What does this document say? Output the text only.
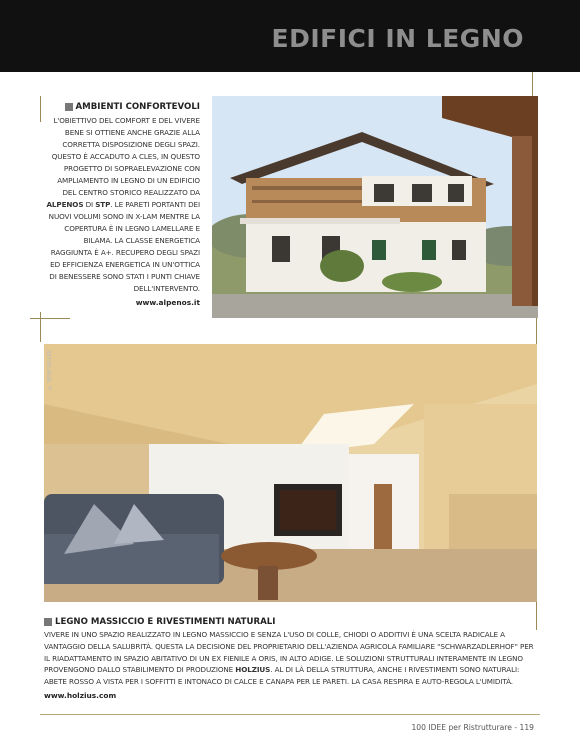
EDIFICI IN LEGNO
AMBIENTI CONFORTEVOLI
L'OBIETTIVO DEL COMFORT E DEL VIVERE BENE SI OTTIENE ANCHE GRAZIE ALLA CORRETTA DISPOSIZIONE DEGLI SPAZI. QUESTO È ACCADUTO A CLES, IN QUESTO PROGETTO DI SOPRAELEVAZIONE CON AMPLIAMENTO IN LEGNO DI UN EDIFICIO DEL CENTRO STORICO REALIZZATO DA ALPENOS DI STP. LE PARETI PORTANTI DEI NUOVI VOLUMI SONO IN X-LAM MENTRE LA COPERTURA È IN LEGNO LAMELLARE E BILAMA. LA CLASSE ENERGETICA RAGGIUNTA È A+. RECUPERO DEGLI SPAZI ED EFFICIENZA ENERGETICA IN UN'OTTICA DI BENESSERE SONO STATI I PUNTI CHIAVE DELL'INTERVENTO.
www.alpenos.it
© RENE RILLER
LEGNO MASSICCIO E RIVESTIMENTI NATURALI
VIVERE IN UNO SPAZIO REALIZZATO IN LEGNO MASSICCIO E SENZA L'USO DI COLLE, CHIODI O ADDITIVI È UNA SCELTA RADICALE A VANTAGGIO DELLA SALUBRITÀ. QUESTA LA DECISIONE DEL PROPRIETARIO DELL'AZIENDA AGRICOLA FAMILIARE "SCHWARZADLERHOF" PER IL RIADATTAMENTO IN SPAZIO ABITATIVO DI UN EX FIENILE A ORIS, IN ALTO ADIGE. LE SOLUZIONI STRUTTURALI INTERAMENTE IN LEGNO PROVENGONO DALLO STABILIMENTO DI PRODUZIONE HOLZIUS. AL DI LÀ DELLA STRUTTURA, ANCHE I RIVESTIMENTI SONO NATURALI: ABETE ROSSO A VISTA PER I SOFFITTI E INTONACO DI CALCE E CANAPA PER LE PARETI. LA CASA RESPIRA E AUTO-REGOLA L'UMIDITÀ.
www.holzius.com
100 IDEE per Ristrutturare - 119
